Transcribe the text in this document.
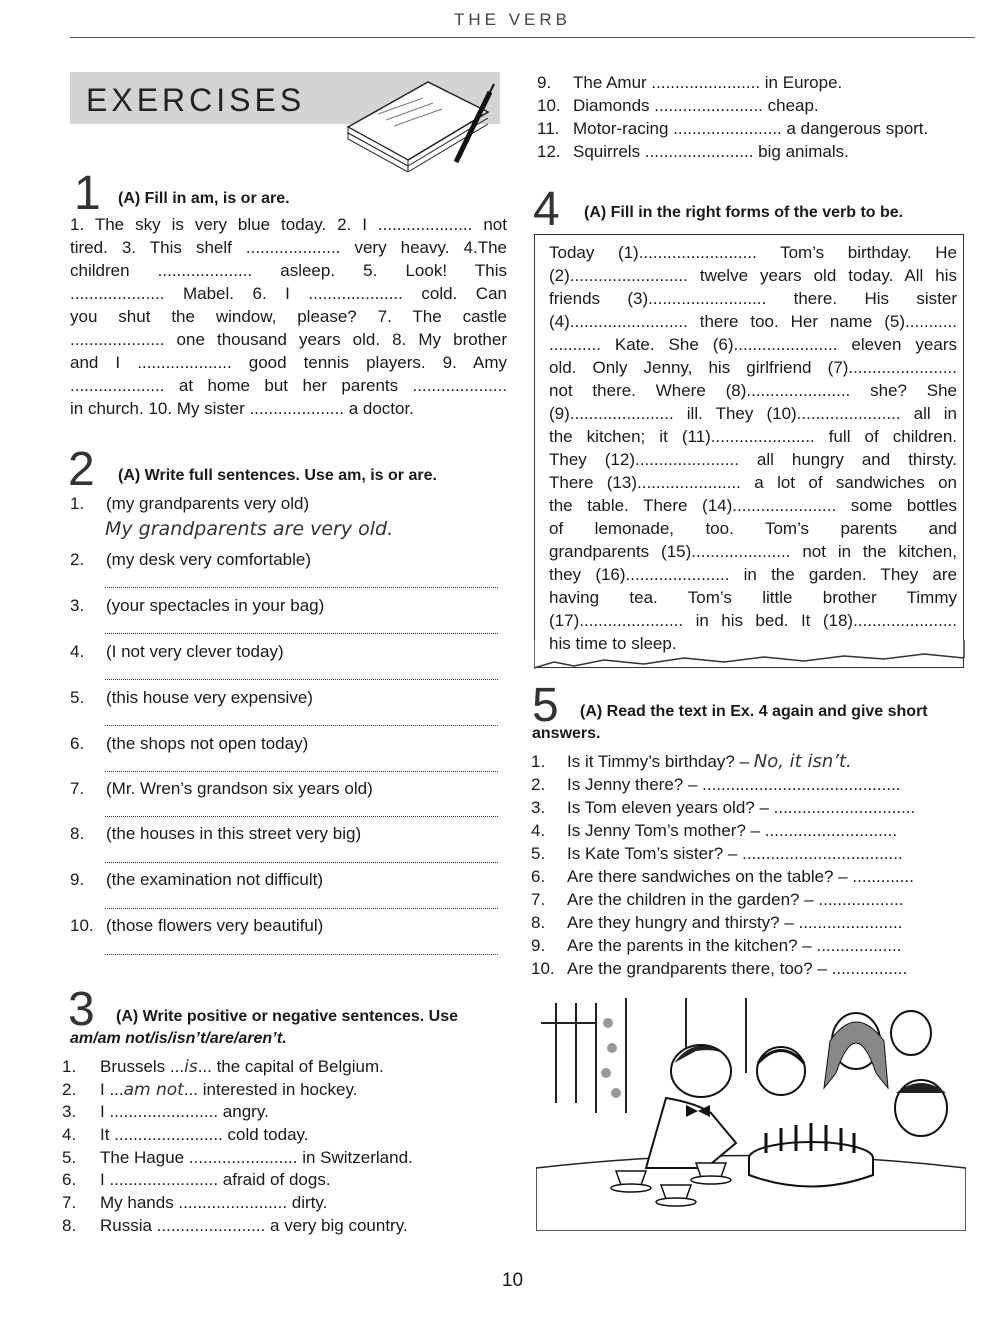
THE VERB
EXERCISES
1 (A) Fill in am, is or are.
1. The sky is very blue today. 2. I .................... not
tired. 3. This shelf .................... very heavy. 4.The
children .................... asleep. 5. Look! This
.................... Mabel. 6. I .................... cold. Can
you shut the window, please? 7. The castle
.................... one thousand years old. 8. My brother
and I .................... good tennis players. 9. Amy
.................... at home but her parents ....................
in church. 10. My sister .................... a doctor.
2 (A) Write full sentences. Use am, is or are.
1. (my grandparents very old)
My grandparents are very old.
2. (my desk very comfortable)
3. (your spectacles in your bag)
4. (I not very clever today)
5. (this house very expensive)
6. (the shops not open today)
7. (Mr. Wren’s grandson six years old)
8. (the houses in this street very big)
9. (the examination not difficult)
10. (those flowers very beautiful)
3 (A) Write positive or negative sentences. Use
am/am not/is/isn’t/are/aren’t.
1. Brussels ...is... the capital of Belgium.
2. I ...am not... interested in hockey.
3. I ....................... angry.
4. It ....................... cold today.
5. The Hague ....................... in Switzerland.
6. I ....................... afraid of dogs.
7. My hands ....................... dirty.
8. Russia ....................... a very big country.
9. The Amur ....................... in Europe.
10. Diamonds ....................... cheap.
11. Motor-racing ....................... a dangerous sport.
12. Squirrels ....................... big animals.
4 (A) Fill in the right forms of the verb to be.
Today (1)......................... Tom’s birthday. He
(2)......................... twelve years old today. All his
friends (3)......................... there. His sister
(4)......................... there too. Her name (5)...........
........... Kate. She (6)...................... eleven years
old. Only Jenny, his girlfriend (7).......................
not there. Where (8)...................... she? She
(9)...................... ill. They (10)...................... all in
the kitchen; it (11)...................... full of children.
They (12)...................... all hungry and thirsty.
There (13)...................... a lot of sandwiches on
the table. There (14)...................... some bottles
of lemonade, too. Tom’s parents and
grandparents (15)..................... not in the kitchen,
they (16)...................... in the garden. They are
having tea. Tom’s little brother Timmy
(17)...................... in his bed. It (18)......................
his time to sleep.
5 (A) Read the text in Ex. 4 again and give short
answers.
1. Is it Timmy’s birthday? – No, it isn’t.
2. Is Jenny there? – ..........................................
3. Is Tom eleven years old? – ..............................
4. Is Jenny Tom’s mother? – ............................
5. Is Kate Tom’s sister? – ..................................
6. Are there sandwiches on the table? – .............
7. Are the children in the garden? – ..................
8. Are they hungry and thirsty? – ......................
9. Are the parents in the kitchen? – ..................
10. Are the grandparents there, too? – ................
10
